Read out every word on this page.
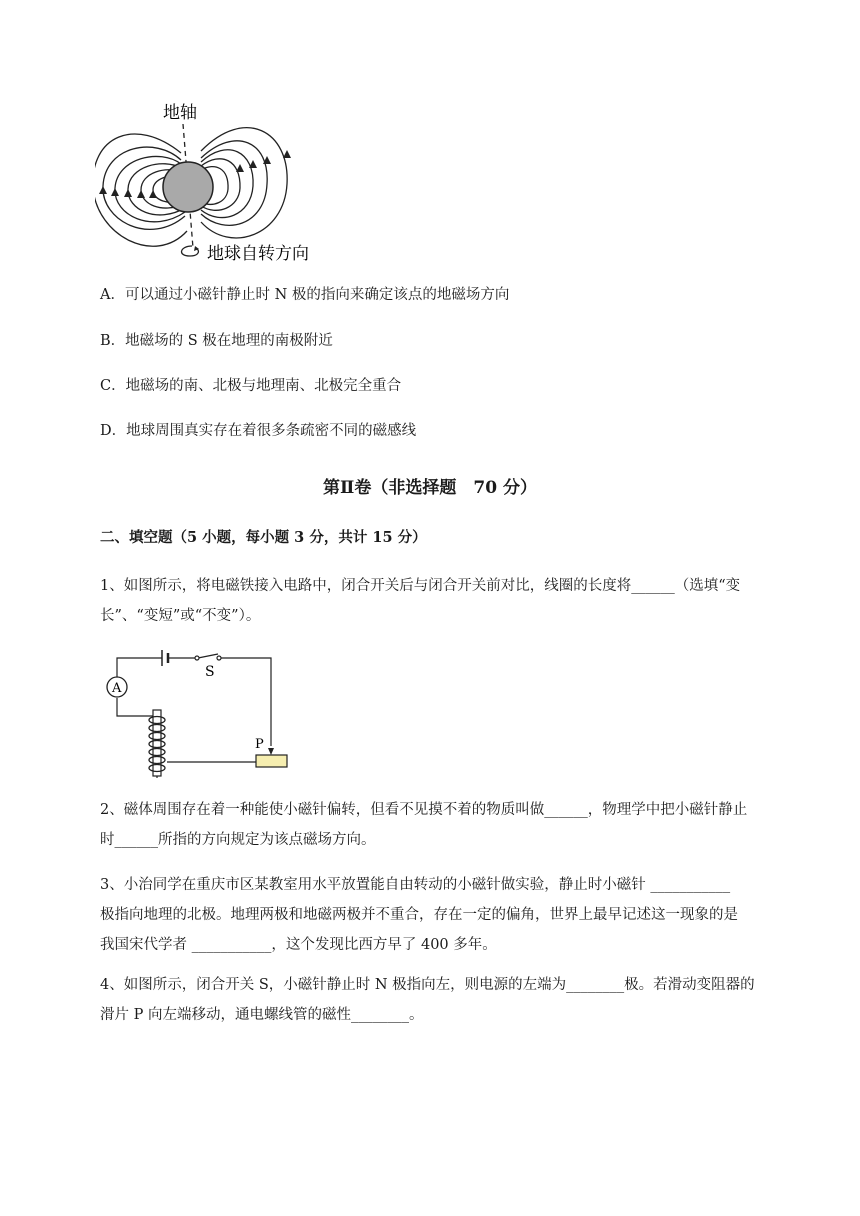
地轴
地球自转方向
A．可以通过小磁针静止时 N 极的指向来确定该点的地磁场方向
B．地磁场的 S 极在地理的南极附近
C．地磁场的南、北极与地理南、北极完全重合
D．地球周围真实存在着很多条疏密不同的磁感线
第Ⅱ卷（非选择题　70 分）
二、填空题（5 小题，每小题 3 分，共计 15 分）
1、如图所示，将电磁铁接入电路中，闭合开关后与闭合开关前对比，线圈的长度将______（选填“变
长”、“变短”或“不变”）。
S
A
P
2、磁体周围存在着一种能使小磁针偏转，但看不见摸不着的物质叫做______，物理学中把小磁针静止
时______所指的方向规定为该点磁场方向。
3、小治同学在重庆市区某教室用水平放置能自由转动的小磁针做实验，静止时小磁针 ___________
极指向地理的北极。地理两极和地磁两极并不重合，存在一定的偏角，世界上最早记述这一现象的是
我国宋代学者 ___________，这个发现比西方早了 400 多年。
4、如图所示，闭合开关 S，小磁针静止时 N 极指向左，则电源的左端为________极。若滑动变阻器的
滑片 P 向左端移动，通电螺线管的磁性________。
